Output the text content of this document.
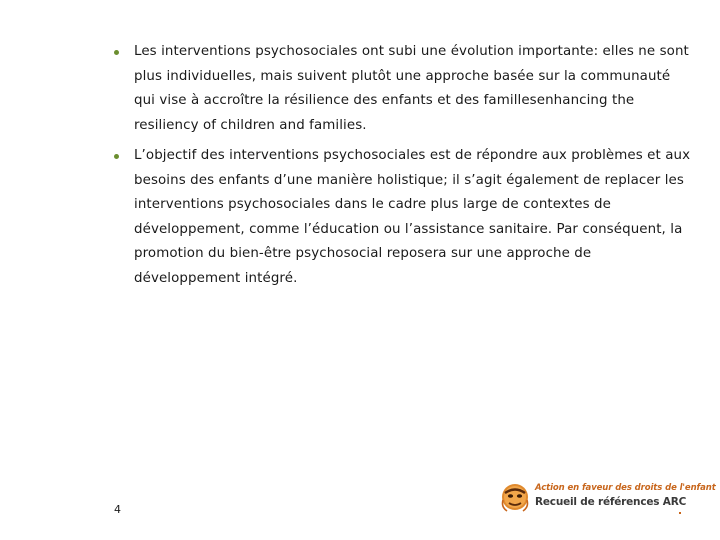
Les interventions psychosociales ont subi une évolution importante: elles ne sont plus individuelles, mais suivent plutôt une approche basée sur la communauté qui vise à accroître la résilience des enfants et des famillesenhancing the resiliency of children and families.
L’objectif des interventions psychosociales est de répondre aux problèmes et aux besoins des enfants d’une manière holistique; il s’agit également de replacer les interventions psychosociales dans le cadre plus large de contextes de développement, comme l’éducation ou l’assistance sanitaire. Par conséquent, la promotion du bien-être psychosocial reposera sur une approche de développement intégré.
4
Action en faveur des droits de l'enfant
Recueil de références ARC
